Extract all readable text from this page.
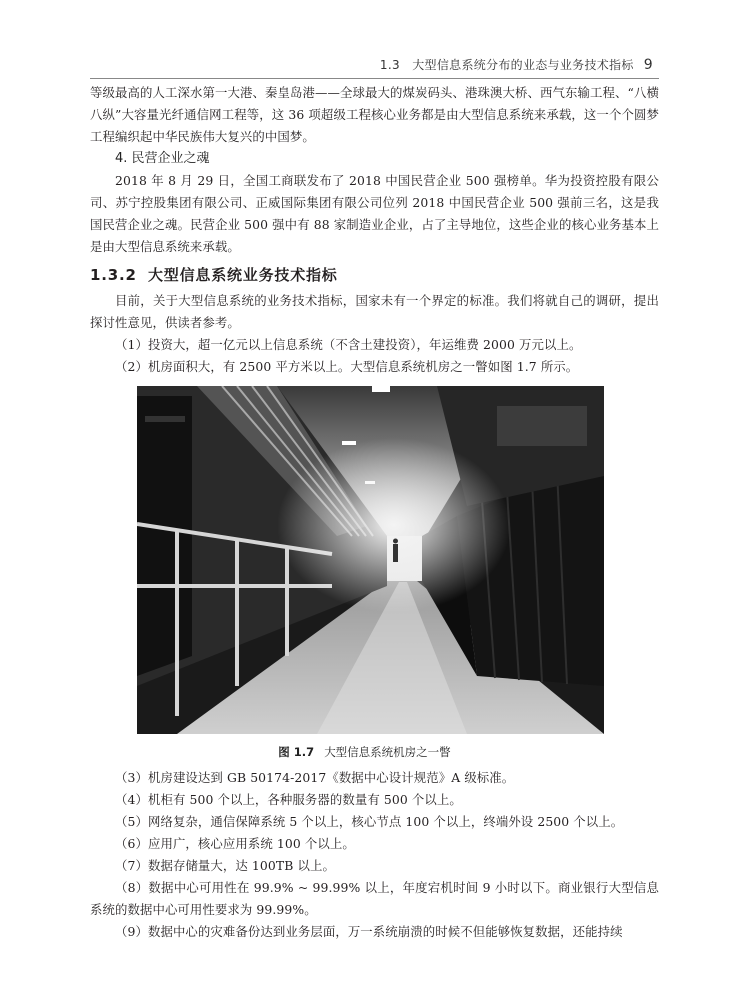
1.3 大型信息系统分布的业态与业务技术指标 9

等级最高的人工深水第一大港、秦皇岛港——全球最大的煤炭码头、港珠澳大桥、西气东输工程、“八横八纵”大容量光纤通信网工程等，这 36 项超级工程核心业务都是由大型信息系统来承载，这一个个圆梦工程编织起中华民族伟大复兴的中国梦。

4. 民营企业之魂

2018 年 8 月 29 日，全国工商联发布了 2018 中国民营企业 500 强榜单。华为投资控股有限公司、苏宁控股集团有限公司、正威国际集团有限公司位列 2018 中国民营企业 500 强前三名，这是我国民营企业之魂。民营企业 500 强中有 88 家制造业企业，占了主导地位，这些企业的核心业务基本上是由大型信息系统来承载。

1.3.2 大型信息系统业务技术指标

目前，关于大型信息系统的业务技术指标，国家未有一个界定的标准。我们将就自己的调研，提出探讨性意见，供读者参考。

（1）投资大，超一亿元以上信息系统（不含土建投资），年运维费 2000 万元以上。

（2）机房面积大，有 2500 平方米以上。大型信息系统机房之一瞥如图 1.7 所示。

图 1.7 大型信息系统机房之一瞥

（3）机房建设达到 GB 50174-2017《数据中心设计规范》A 级标准。

（4）机柜有 500 个以上，各种服务器的数量有 500 个以上。

（5）网络复杂，通信保障系统 5 个以上，核心节点 100 个以上，终端外设 2500 个以上。

（6）应用广，核心应用系统 100 个以上。

（7）数据存储量大，达 100TB 以上。

（8）数据中心可用性在 99.9% ~ 99.99% 以上，年度宕机时间 9 小时以下。商业银行大型信息系统的数据中心可用性要求为 99.99%。

（9）数据中心的灾难备份达到业务层面，万一系统崩溃的时候不但能够恢复数据，还能持续
